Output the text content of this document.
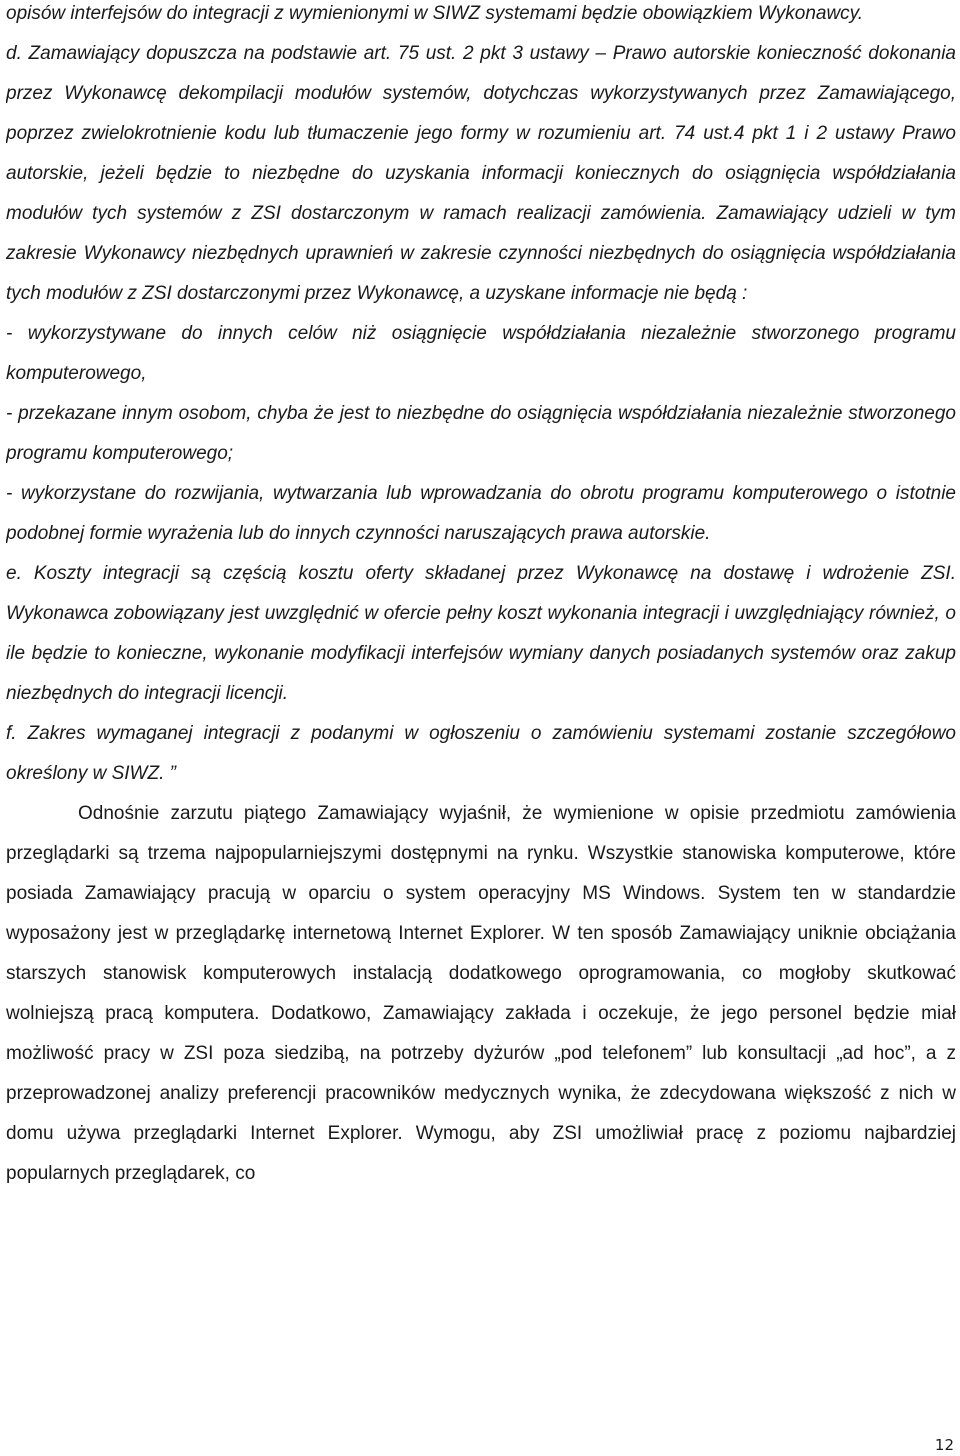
opisów interfejsów do integracji z wymienionymi w SIWZ systemami będzie obowiązkiem Wykonawcy.

d. Zamawiający dopuszcza na podstawie art. 75 ust. 2 pkt 3 ustawy – Prawo autorskie konieczność dokonania przez Wykonawcę dekompilacji modułów systemów, dotychczas wykorzystywanych przez Zamawiającego, poprzez zwielokrotnienie kodu lub tłumaczenie jego formy w rozumieniu art. 74 ust.4 pkt 1 i 2 ustawy Prawo autorskie, jeżeli będzie to niezbędne do uzyskania informacji koniecznych do osiągnięcia współdziałania modułów tych systemów z ZSI dostarczonym w ramach realizacji zamówienia. Zamawiający udzieli w tym zakresie Wykonawcy niezbędnych uprawnień w zakresie czynności niezbędnych do osiągnięcia współdziałania tych modułów z ZSI dostarczonymi przez Wykonawcę, a uzyskane informacje nie będą :

- wykorzystywane do innych celów niż osiągnięcie współdziałania niezależnie stworzonego programu komputerowego,

- przekazane innym osobom, chyba że jest to niezbędne do osiągnięcia współdziałania niezależnie stworzonego programu komputerowego;

- wykorzystane do rozwijania, wytwarzania lub wprowadzania do obrotu programu komputerowego o istotnie podobnej formie wyrażenia lub do innych czynności naruszających prawa autorskie.

e. Koszty integracji są częścią kosztu oferty składanej przez Wykonawcę na dostawę i wdrożenie ZSI. Wykonawca zobowiązany jest uwzględnić w ofercie pełny koszt wykonania integracji i uwzględniający również, o ile będzie to konieczne, wykonanie modyfikacji interfejsów wymiany danych posiadanych systemów oraz zakup niezbędnych do integracji licencji.

f. Zakres wymaganej integracji z podanymi w ogłoszeniu o zamówieniu systemami zostanie szczegółowo określony w SIWZ. ”

Odnośnie zarzutu piątego Zamawiający wyjaśnił, że wymienione w opisie przedmiotu zamówienia przeglądarki są trzema najpopularniejszymi dostępnymi na rynku. Wszystkie stanowiska komputerowe, które posiada Zamawiający pracują w oparciu o system operacyjny MS Windows. System ten w standardzie wyposażony jest w przeglądarkę internetową Internet Explorer. W ten sposób Zamawiający uniknie obciążania starszych stanowisk komputerowych instalacją dodatkowego oprogramowania, co mogłoby skutkować wolniejszą pracą komputera. Dodatkowo, Zamawiający zakłada i oczekuje, że jego personel będzie miał możliwość pracy w ZSI poza siedzibą, na potrzeby dyżurów „pod telefonem” lub konsultacji „ad hoc”, a z przeprowadzonej analizy preferencji pracowników medycznych wynika, że zdecydowana większość z nich w domu używa przeglądarki Internet Explorer. Wymogu, aby ZSI umożliwiał pracę z poziomu najbardziej popularnych przeglądarek, co

12
